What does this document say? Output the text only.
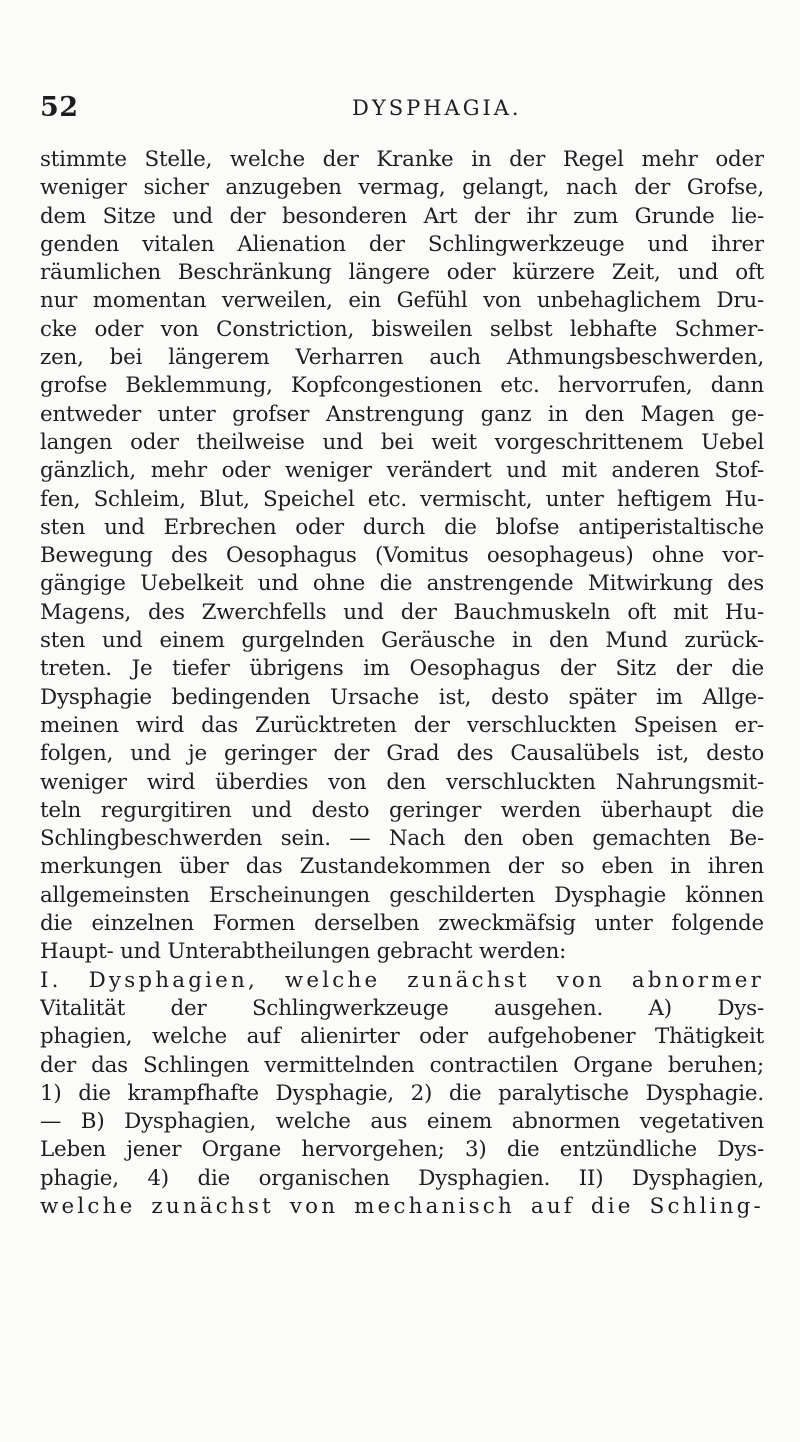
52	DYSPHAGIA.
stimmte Stelle, welche der Kranke in der Regel mehr oder
weniger sicher anzugeben vermag, gelangt, nach der Grofse,
dem Sitze und der besonderen Art der ihr zum Grunde lie-
genden vitalen Alienation der Schlingwerkzeuge und ihrer
räumlichen Beschränkung längere oder kürzere Zeit, und oft
nur momentan verweilen, ein Gefühl von unbehaglichem Dru-
cke oder von Constriction, bisweilen selbst lebhafte Schmer-
zen, bei längerem Verharren auch Athmungsbeschwerden,
grofse Beklemmung, Kopfcongestionen etc. hervorrufen, dann
entweder unter grofser Anstrengung ganz in den Magen ge-
langen oder theilweise und bei weit vorgeschrittenem Uebel
gänzlich, mehr oder weniger verändert und mit anderen Stof-
fen, Schleim, Blut, Speichel etc. vermischt, unter heftigem Hu-
sten und Erbrechen oder durch die blofse antiperistaltische
Bewegung des Oesophagus (Vomitus oesophageus) ohne vor-
gängige Uebelkeit und ohne die anstrengende Mitwirkung des
Magens, des Zwerchfells und der Bauchmuskeln oft mit Hu-
sten und einem gurgelnden Geräusche in den Mund zurück-
treten. Je tiefer übrigens im Oesophagus der Sitz der die
Dysphagie bedingenden Ursache ist, desto später im Allge-
meinen wird das Zurücktreten der verschluckten Speisen er-
folgen, und je geringer der Grad des Causalübels ist, desto
weniger wird überdies von den verschluckten Nahrungsmit-
teln regurgitiren und desto geringer werden überhaupt die
Schlingbeschwerden sein. — Nach den oben gemachten Be-
merkungen über das Zustandekommen der so eben in ihren
allgemeinsten Erscheinungen geschilderten Dysphagie können
die einzelnen Formen derselben zweckmäfsig unter folgende
Haupt- und Unterabtheilungen gebracht werden:
I. Dysphagien, welche zunächst von abnormer
Vitalität der Schlingwerkzeuge ausgehen. A) Dys-
phagien, welche auf alienirter oder aufgehobener Thätigkeit
der das Schlingen vermittelnden contractilen Organe beruhen;
1) die krampfhafte Dysphagie, 2) die paralytische Dysphagie.
— B) Dysphagien, welche aus einem abnormen vegetativen
Leben jener Organe hervorgehen; 3) die entzündliche Dys-
phagie, 4) die organischen Dysphagien. II) Dysphagien,
welche zunächst von mechanisch auf die Schling-
